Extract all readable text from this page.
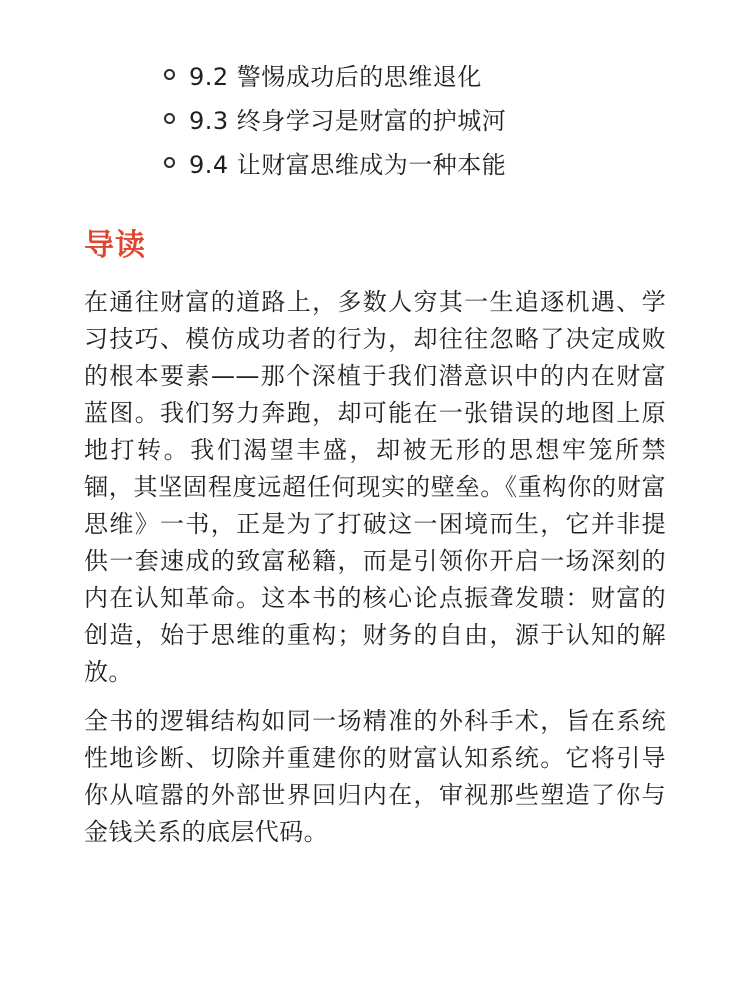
9.2 警惕成功后的思维退化
9.3 终身学习是财富的护城河
9.4 让财富思维成为一种本能
导读

在通往财富的道路上，多数人穷其一生追逐机遇、学习技巧、模仿成功者的行为，却往往忽略了决定成败的根本要素——那个深植于我们潜意识中的内在财富蓝图。我们努力奔跑，却可能在一张错误的地图上原地打转。我们渴望丰盛，却被无形的思想牢笼所禁锢，其坚固程度远超任何现实的壁垒。《重构你的财富思维》一书，正是为了打破这一困境而生，它并非提供一套速成的致富秘籍，而是引领你开启一场深刻的内在认知革命。这本书的核心论点振聋发聩：财富的创造，始于思维的重构；财务的自由，源于认知的解放。

全书的逻辑结构如同一场精准的外科手术，旨在系统性地诊断、切除并重建你的财富认知系统。它将引导你从喧嚣的外部世界回归内在，审视那些塑造了你与金钱关系的底层代码。
